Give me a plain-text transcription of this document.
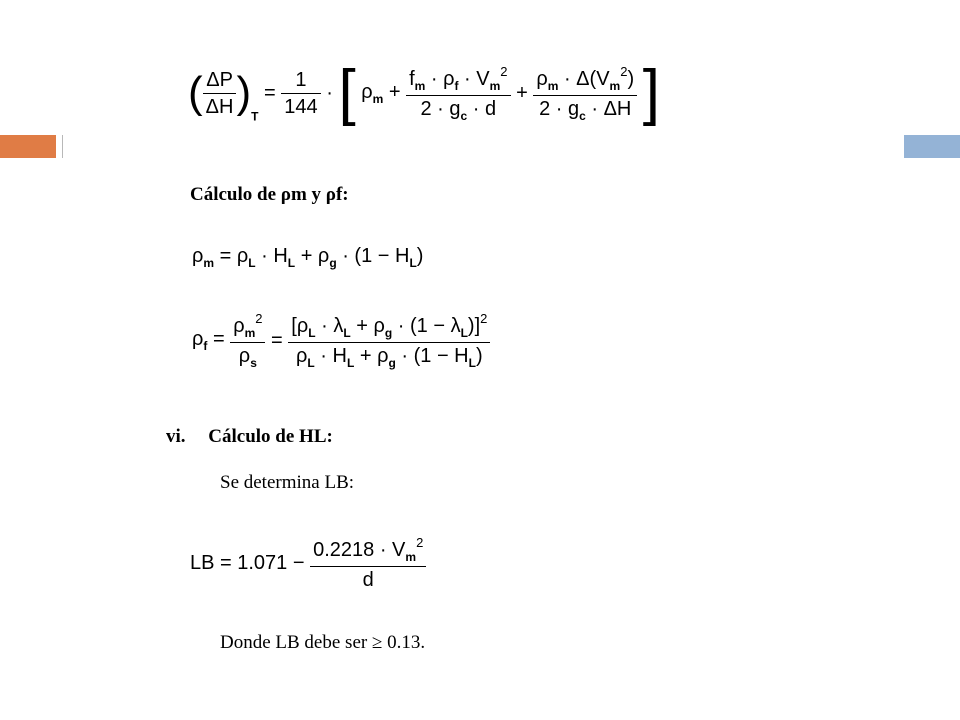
( $\frac{\Delta P}{\Delta H} )_T = \frac{1}{144}$ · [ $\rho_m + \frac{f_m \cdot \rho_f \cdot V_m^2}{2 \cdot g_c \cdot d} + \frac{\rho_m \cdot \Delta(V_m^2)}{2 \cdot g_c \cdot \Delta H}$ ]
Cálculo de ρm y ρf:
$\rho_m = \rho_L \cdot H_L + \rho_g \cdot (1 - H_L)$
$\rho_f = \frac{\rho_m^2}{\rho_s} = \frac{[\rho_L \cdot \lambda_L + \rho_g \cdot (1 - \lambda_L)]^2}{\rho_L \cdot H_L + \rho_g \cdot (1 - H_L)}$
vi. Cálculo de HL:
Se determina LB:
LB = $1.071 - \frac{0.2218 \cdot V_m^2}{d}$
Donde LB debe ser ≥ 0.13.
